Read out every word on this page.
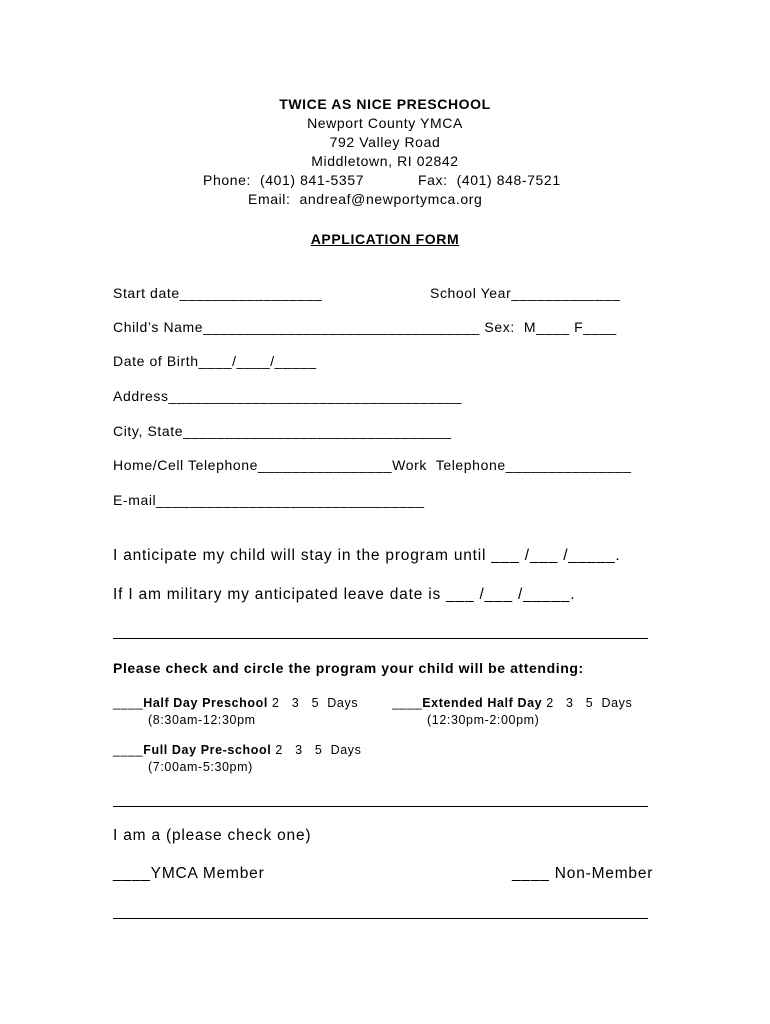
TWICE AS NICE PRESCHOOL
Newport County YMCA
792 Valley Road
Middletown, RI 02842
Phone:  (401) 841-5357            Fax:  (401) 848-7521
Email:  andreaf@newportymca.org
APPLICATION FORM
Start date_________________	School Year_____________
Child’s Name_________________________________ Sex:  M____ F____
Date of Birth____/____/_____
Address___________________________________
City, State________________________________
Home/Cell Telephone________________Work  Telephone_______________
E-mail________________________________
I anticipate my child will stay in the program until ___ /___ /_____.
If I am military my anticipated leave date is ___ /___ /_____.
Please check and circle the program your child will be attending:
____Half Day Preschool 2   3   5  Days
(8:30am-12:30pm
____Extended Half Day 2   3   5  Days
(12:30pm-2:00pm)
____Full Day Pre-school 2   3   5  Days
(7:00am-5:30pm)
I am a (please check one)
____YMCA Member	____ Non-Member
